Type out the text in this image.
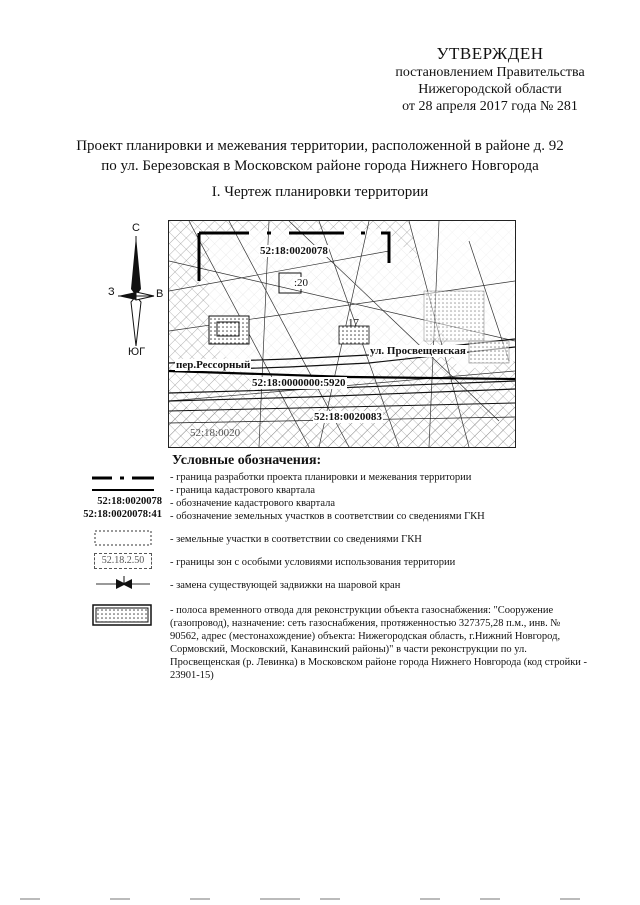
УТВЕРЖДЕН
постановлением Правительства
Нижегородской области
от 28 апреля 2017 года № 281
Проект планировки и межевания территории, расположенной в районе д. 92
по ул. Березовская в Московском районе города Нижнего Новгорода
I. Чертеж планировки территории
С
З	В
ЮГ
52:18:0020078
:20
17
ул. Просвещенская
пер.Рессорный
52:18:0000000:5920
52:18:0020083
52:18:0020
Условные обозначения:
- граница разработки проекта планировки и межевания территории
- граница кадастрового квартала
52:18:0020078 - обозначение кадастрового квартала
52:18:0020078:41 - обозначение земельных участков в соответствии со сведениями ГКН
- земельные участки в соответствии со сведениями ГКН
52.18.2.50	- границы зон с особыми условиями использования территории
- замена существующей задвижки на шаровой кран
- полоса временного отвода для реконструкции объекта газоснабжения: "Сооружение (газопровод), назначение: сеть газоснабжения, протяженностью 327375,28 п.м., инв. № 90562, адрес (местонахождение) объекта: Нижегородская область, г.Нижний Новгород, Сормовский, Московский, Канавинский районы)" в части реконструкции по ул. Просвещенская (р. Левинка) в Московском районе города Нижнего Новгорода (код стройки - 23901-15)
